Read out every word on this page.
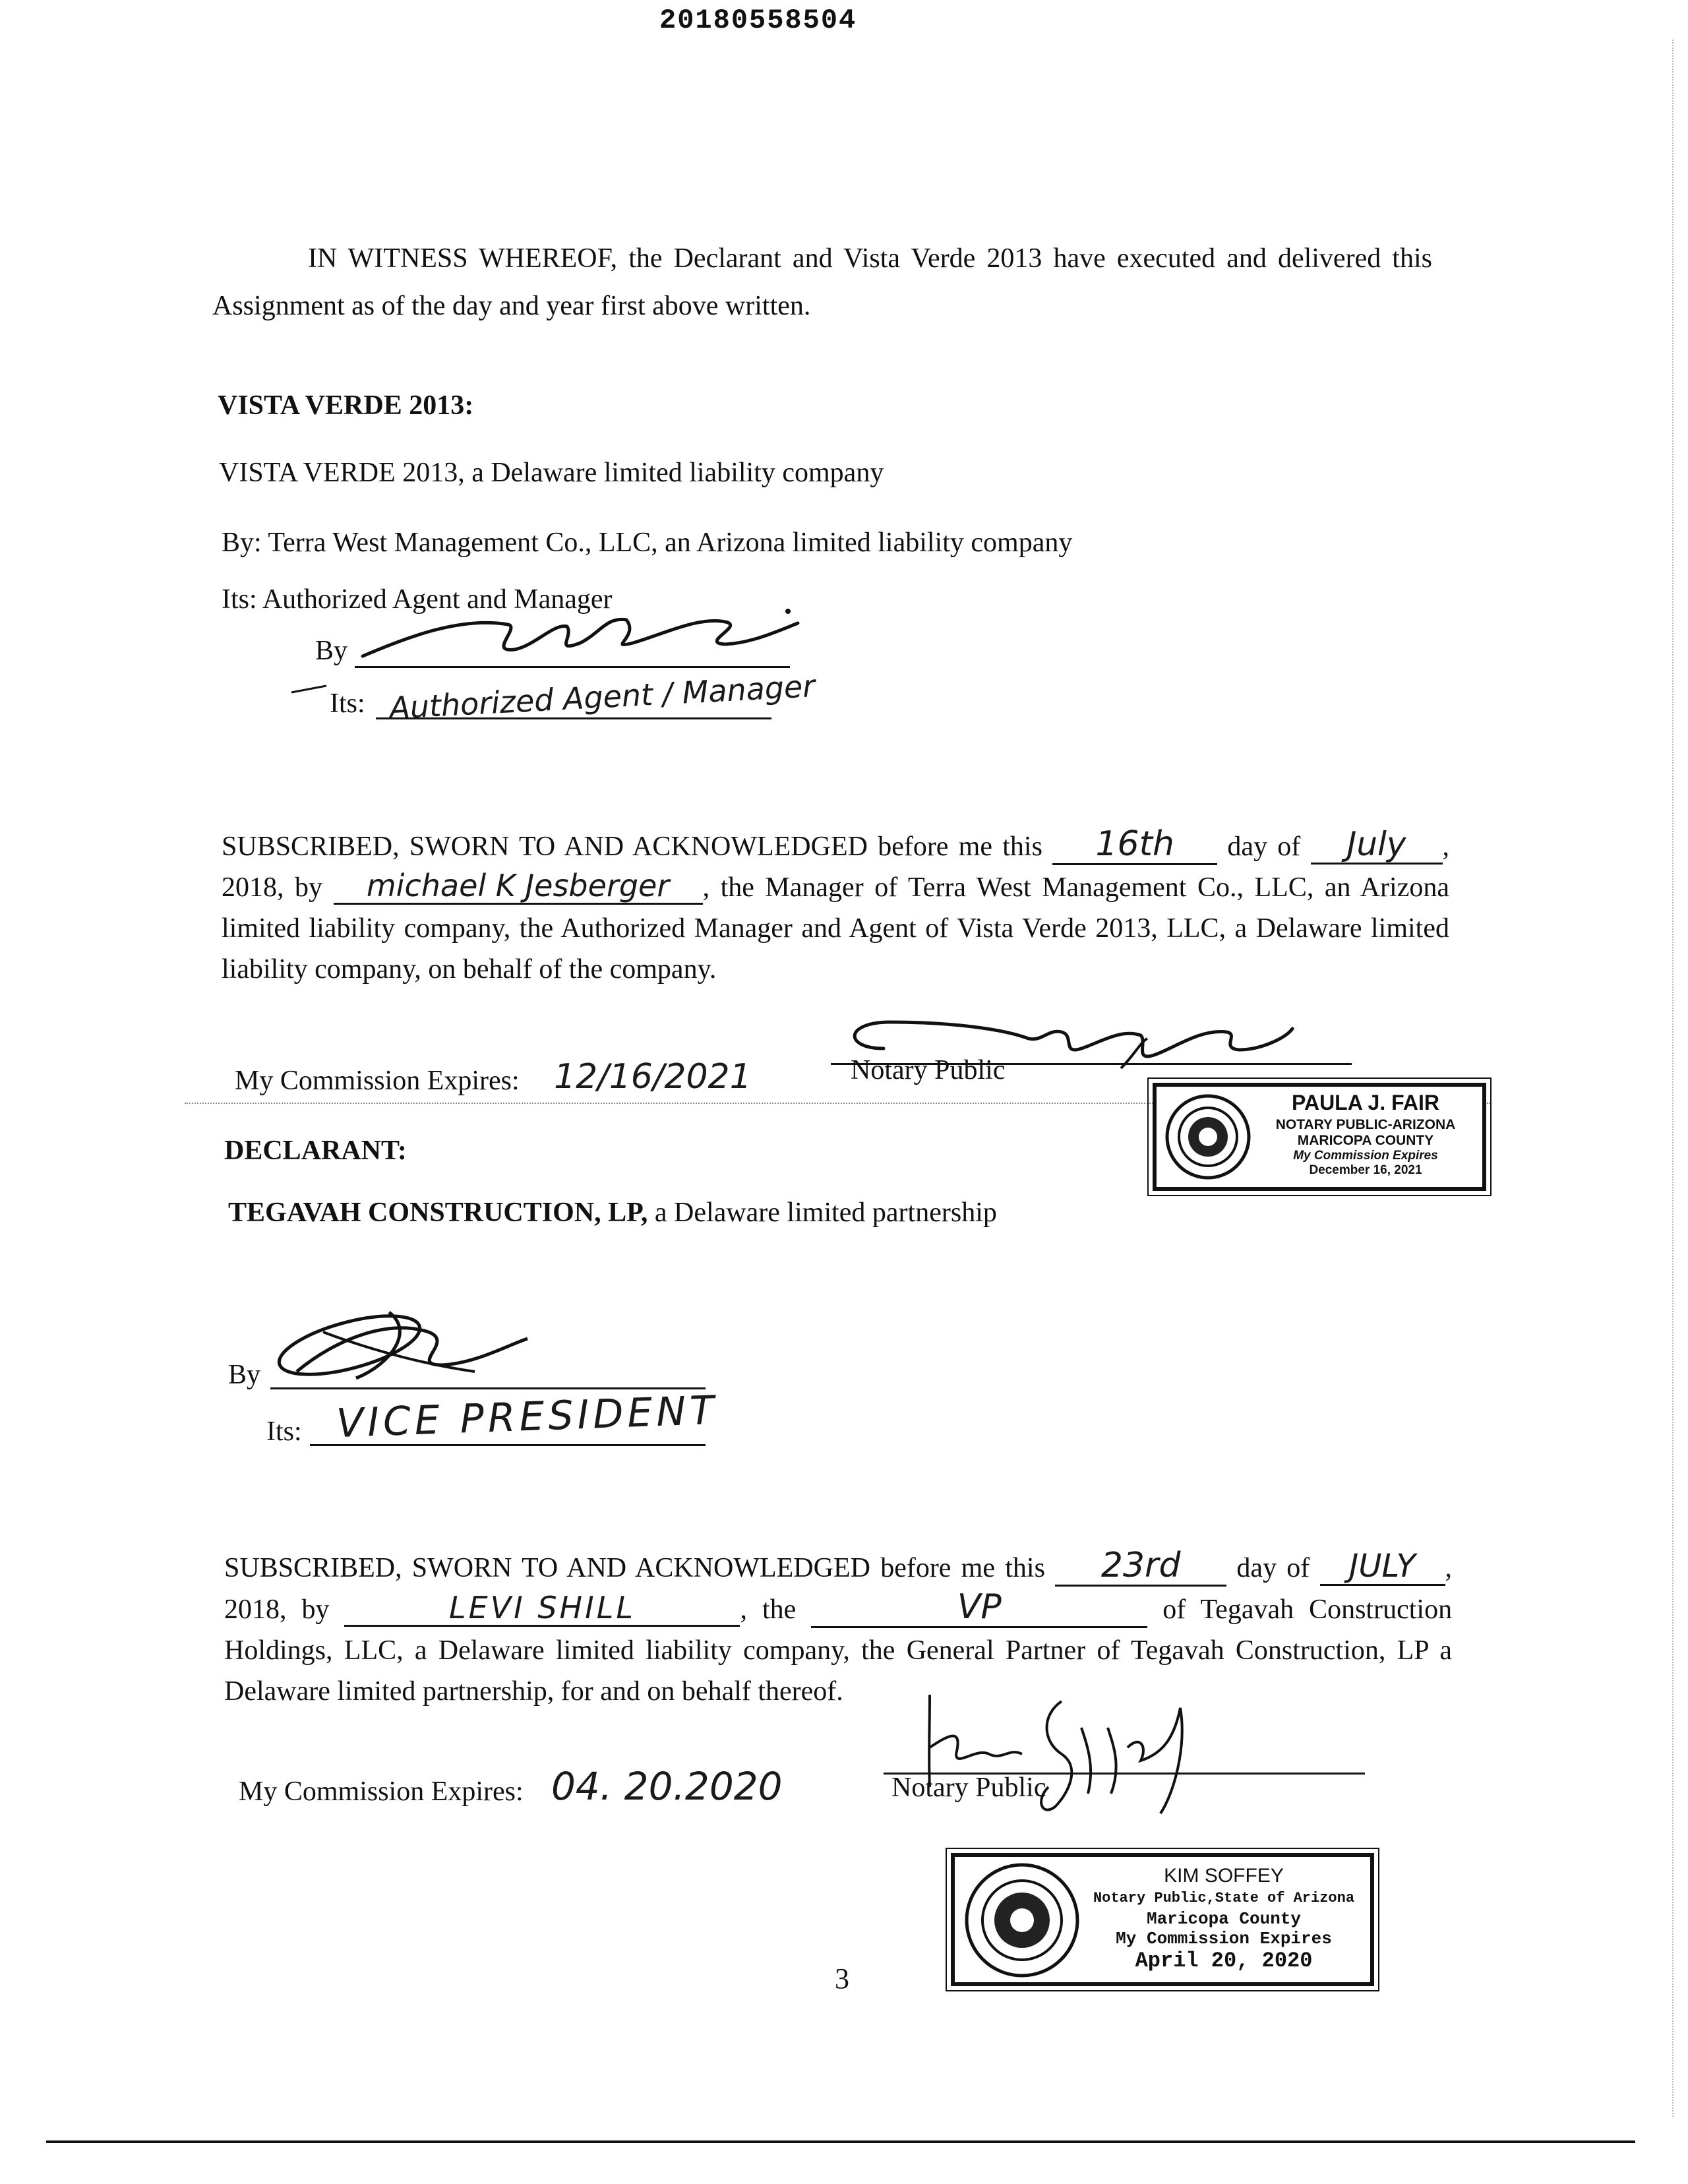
20180558504
IN WITNESS WHEREOF, the Declarant and Vista Verde 2013 have executed and delivered this Assignment as of the day and year first above written.
VISTA VERDE 2013:
VISTA VERDE 2013, a Delaware limited liability company
By: Terra West Management Co., LLC, an Arizona limited liability company
Its: Authorized Agent and Manager
By
Its: Authorized Agent / Manager
SUBSCRIBED, SWORN TO AND ACKNOWLEDGED before me this 16th day of July , 2018, by michael K Jesberger , the Manager of Terra West Management Co., LLC, an Arizona limited liability company, the Authorized Manager and Agent of Vista Verde 2013, LLC, a Delaware limited liability company, on behalf of the company.
My Commission Expires: 12/16/2021	Notary Public
PAULA J. FAIR
NOTARY PUBLIC-ARIZONA
MARICOPA COUNTY
My Commission Expires
December 16, 2021
DECLARANT:
TEGAVAH CONSTRUCTION, LP, a Delaware limited partnership
By
Its: VICE PRESIDENT
SUBSCRIBED, SWORN TO AND ACKNOWLEDGED before me this 23rd day of JULY , 2018, by	LEVI SHILL	, the	VP	of Tegavah Construction Holdings, LLC, a Delaware limited liability company, the General Partner of Tegavah Construction, LP a Delaware limited partnership, for and on behalf thereof.
My Commission Expires: 04. 20.2020	Notary Public
KIM SOFFEY
Notary Public,State of Arizona
Maricopa County
My Commission Expires
April 20, 2020
3
